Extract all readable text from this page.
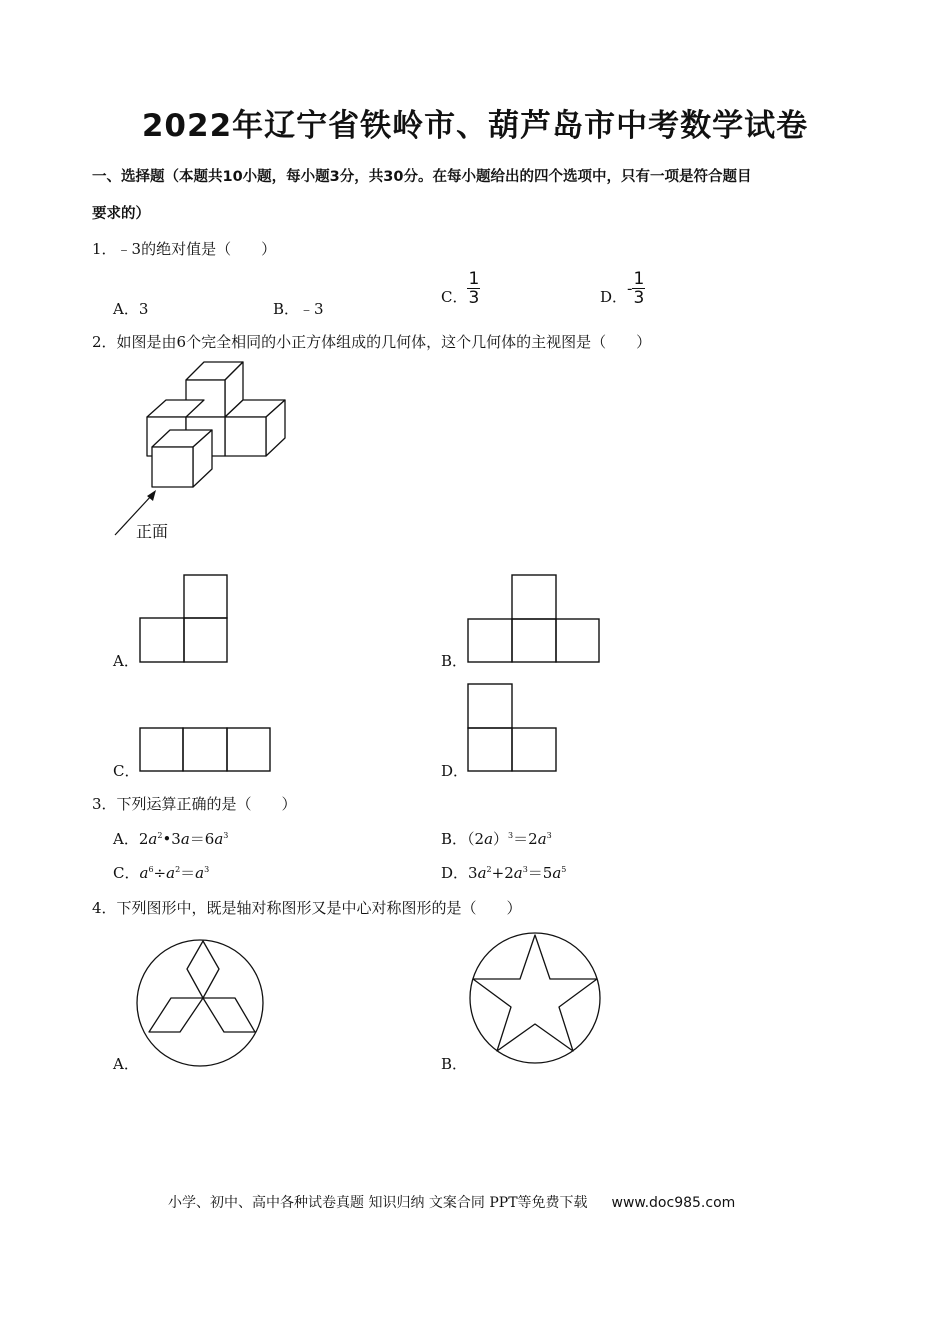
2022年辽宁省铁岭市、葫芦岛市中考数学试卷
一、选择题（本题共10小题，每小题3分，共30分。在每小题给出的四个选项中，只有一项是符合题目
要求的）
1．﹣3的绝对值是（　　）
A．3	B．﹣3
C． $\frac{1}{3}$	D．- $\frac{1}{3}$
2．如图是由6个完全相同的小正方体组成的几何体，这个几何体的主视图是（　　）
正面
A．	B．
C．	D．
3．下列运算正确的是（　　）
A．$2a^2•3a=6a^3$	B．$(2a)^3=2a^3$
C．$a^6\div a^2=a^3$	D．$3a^2+2a^3=5a^5$
4．下列图形中，既是轴对称图形又是中心对称图形的是（　　）
A．	B．
小学、初中、高中各种试卷真题 知识归纳 文案合同 PPT等免费下载 www.doc985.com
